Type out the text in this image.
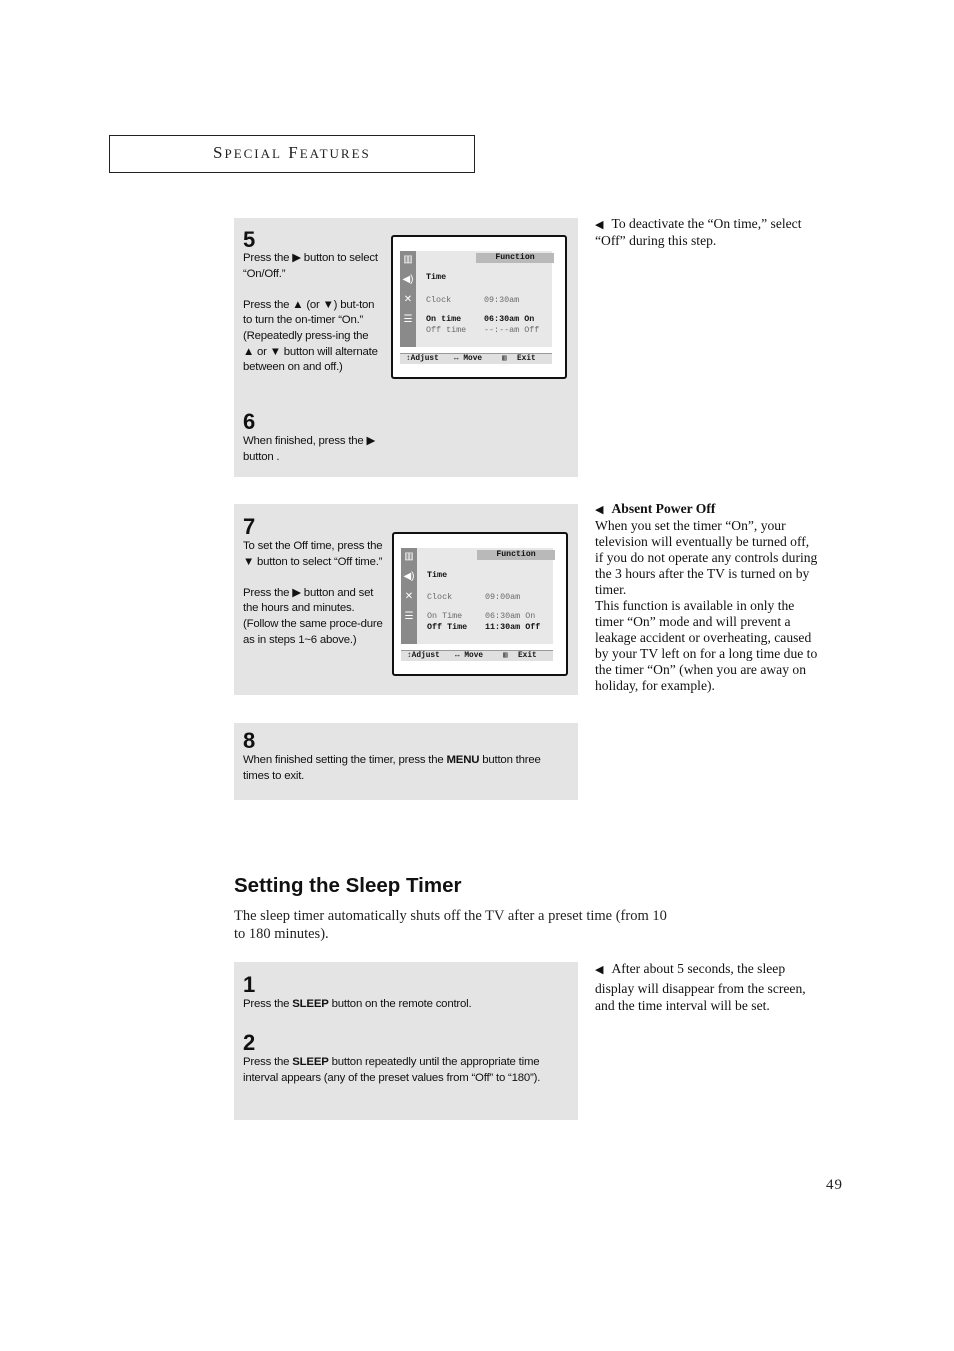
SPECIAL FEATURES
5

Press the ▶ button to select “On/Off.”

Press the ▲ (or ▼) but-ton to turn the on-timer “On.” (Repeatedly press-ing the ▲ or ▼ button will alternate between on and off.)

6

When finished, press the ▶ button .

▥
◀)
✕
☰
Function
Time
Clock	09:30am
On time	06:30am On
Off time --:--am Off
↕Adjust ↔ Move	▥ Exit
7

To set the Off time, press the ▼ button to select “Off time.”

Press the ▶ button and set the hours and minutes. (Follow the same proce-dure as in steps 1~6 above.)

▥
◀)
✕
☰
Function
Time
Clock	09:00am
On Time	06:30am On
Off Time 11:30am Off
↕Adjust ↔ Move	▥ Exit
8
When finished setting the timer, press the MENU button three times to exit.

◀ To deactivate the “On time,” select “Off” during this step.

◀ Absent Power Off

When you set the timer “On”, your television will eventually be turned off, if you do not operate any controls during the 3 hours after the TV is turned on by timer.

This function is available in only the timer “On” mode and will prevent a leakage accident or overheating, caused by your TV left on for a long time due to the timer “On” (when you are away on holiday, for example).

Setting the Sleep Timer
The sleep timer automatically shuts off the TV after a preset time (from 10 to 180 minutes).
1
Press the SLEEP button on the remote control.
2
Press the SLEEP button repeatedly until the appropriate time interval appears (any of the preset values from “Off” to “180”).

◀ After about 5 seconds, the sleep display will disappear from the screen, and the time interval will be set.

49
